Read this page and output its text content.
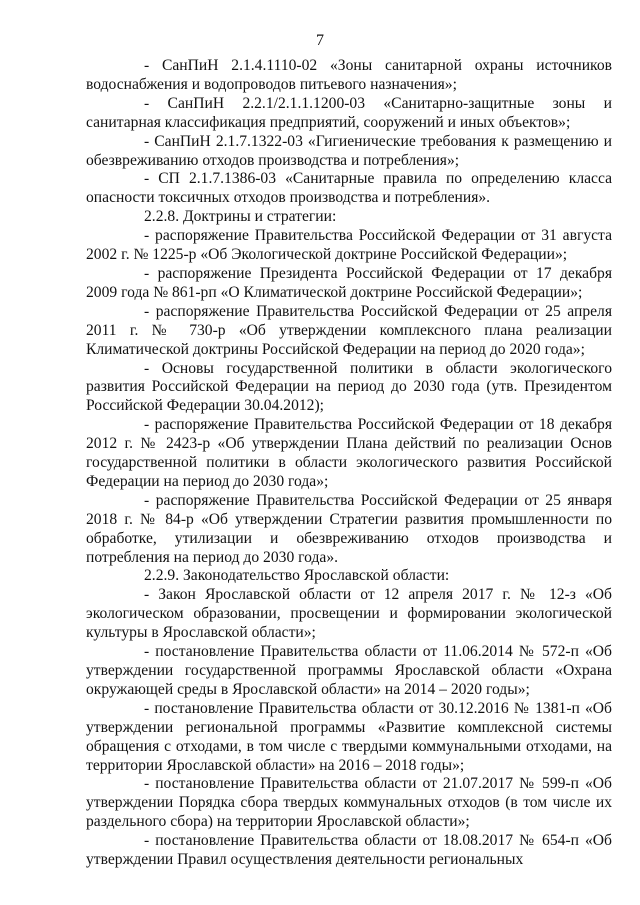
7

- СанПиН 2.1.4.1110-02 «Зоны санитарной охраны источников водоснабжения и водопроводов питьевого назначения»;

- СанПиН 2.2.1/2.1.1.1200-03 «Санитарно-защитные зоны и санитарная классификация предприятий, сооружений и иных объектов»;

- СанПиН 2.1.7.1322-03 «Гигиенические требования к размещению и обезвреживанию отходов производства и потребления»;

- СП 2.1.7.1386-03 «Санитарные правила по определению класса опасности токсичных отходов производства и потребления».

2.2.8. Доктрины и стратегии:

- распоряжение Правительства Российской Федерации от 31 августа 2002 г. № 1225-р «Об Экологической доктрине Российской Федерации»;

- распоряжение Президента Российской Федерации от 17 декабря 2009 года № 861-рп «О Климатической доктрине Российской Федерации»;

- распоряжение Правительства Российской Федерации от 25 апреля 2011 г. № 730-р «Об утверждении комплексного плана реализации Климатической доктрины Российской Федерации на период до 2020 года»;

- Основы государственной политики в области экологического развития Российской Федерации на период до 2030 года (утв. Президентом Российской Федерации 30.04.2012);

- распоряжение Правительства Российской Федерации от 18 декабря 2012 г. № 2423-р «Об утверждении Плана действий по реализации Основ государственной политики в области экологического развития Российской Федерации на период до 2030 года»;

- распоряжение Правительства Российской Федерации от 25 января 2018 г. № 84-р «Об утверждении Стратегии развития промышленности по обработке, утилизации и обезвреживанию отходов производства и потребления на период до 2030 года».

2.2.9. Законодательство Ярославской области:

- Закон Ярославской области от 12 апреля 2017 г. № 12-з «Об экологическом образовании, просвещении и формировании экологической культуры в Ярославской области»;

- постановление Правительства области от 11.06.2014 № 572-п «Об утверждении государственной программы Ярославской области «Охрана окружающей среды в Ярославской области» на 2014 – 2020 годы»;

- постановление Правительства области от 30.12.2016 № 1381-п «Об утверждении региональной программы «Развитие комплексной системы обращения с отходами, в том числе с твердыми коммунальными отходами, на территории Ярославской области» на 2016 – 2018 годы»;

- постановление Правительства области от 21.07.2017 № 599-п «Об утверждении Порядка сбора твердых коммунальных отходов (в том числе их раздельного сбора) на территории Ярославской области»;

- постановление Правительства области от 18.08.2017 № 654-п «Об утверждении Правил осуществления деятельности региональных
